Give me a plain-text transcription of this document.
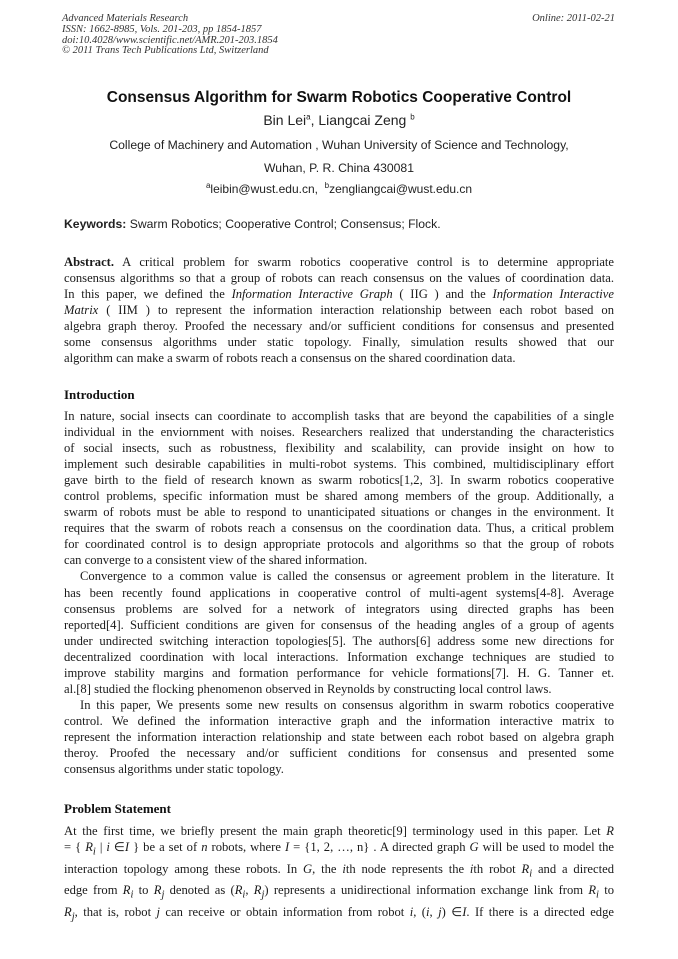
Advanced Materials Research
ISSN: 1662-8985, Vols. 201-203, pp 1854-1857
doi:10.4028/www.scientific.net/AMR.201-203.1854
© 2011 Trans Tech Publications Ltd, Switzerland
Online: 2011-02-21
Consensus Algorithm for Swarm Robotics Cooperative Control
Bin Lei$^a$, Liangcai Zeng $^b$
College of Machinery and Automation , Wuhan University of Science and Technology,
Wuhan, P. R. China 430081
$^a$leibin@wust.edu.cn, $^b$zengliangcai@wust.edu.cn
Keywords: Swarm Robotics; Cooperative Control; Consensus; Flock.
Abstract. A critical problem for swarm robotics cooperative control is to determine appropriate
consensus algorithms so that a group of robots can reach consensus on the values of coordination data.
In this paper, we defined the Information Interactive Graph ( IIG ) and the Information Interactive
Matrix ( IIM ) to represent the information interaction relationship between each robot based on
algebra graph theroy. Proofed the necessary and/or sufficient conditions for consensus and presented
some consensus algorithms under static topology. Finally, simulation results showed that our
algorithm can make a swarm of robots reach a consensus on the shared coordination data.
Introduction
In nature, social insects can coordinate to accomplish tasks that are beyond the capabilities of a single
individual in the enviornment with noises. Researchers realized that understanding the characteristics
of social insects, such as robustness, flexibility and scalability, can provide insight on how to
implement such desirable capabilities in multi-robot systems. This combined, multidisciplinary effort
gave birth to the field of research known as swarm robotics[1,2, 3]. In swarm robotics cooperative
control problems, specific information must be shared among members of the group. Additionally, a
swarm of robots must be able to respond to unanticipated situations or changes in the environment. It
requires that the swarm of robots reach a consensus on the coordination data. Thus, a critical problem
for coordinated control is to design appropriate protocols and algorithms so that the group of robots
can converge to a consistent view of the shared information.
Convergence to a common value is called the consensus or agreement problem in the literature. It
has been recently found applications in cooperative control of multi-agent systems[4-8]. Average
consensus problems are solved for a network of integrators using directed graphs has been
reported[4]. Sufficient conditions are given for consensus of the heading angles of a group of agents
under undirected switching interaction topologies[5]. The authors[6] address some new directions for
decentralized coordination with local interactions. Information exchange techniques are studied to
improve stability margins and formation performance for vehicle formations[7]. H. G. Tanner et.
al.[8] studied the flocking phenomenon observed in Reynolds by constructing local control laws.
In this paper, We presents some new results on consensus algorithm in swarm robotics cooperative
control. We defined the information interactive graph and the information interactive matrix to
represent the information interaction relationship and state between each robot based on algebra graph
theroy. Proofed the necessary and/or sufficient conditions for consensus and presented some
consensus algorithms under static topology.
Problem Statement
At the first time, we briefly present the main graph theoretic[9] terminology used in this paper. Let R
= { $R_i$ | i ∈I } be a set of n robots, where I = {1, 2, …, n} . A directed graph G will be used to model the
interaction topology among these robots. In G, the ith node represents the ith robot $R_i$ and a directed
edge from $R_i$ to $R_j$ denoted as ($R_i$, $R_j$) represents a unidirectional information exchange link from $R_i$ to
$R_j$, that is, robot j can receive or obtain information from robot i, (i, j) ∈I. If there is a directed edge
